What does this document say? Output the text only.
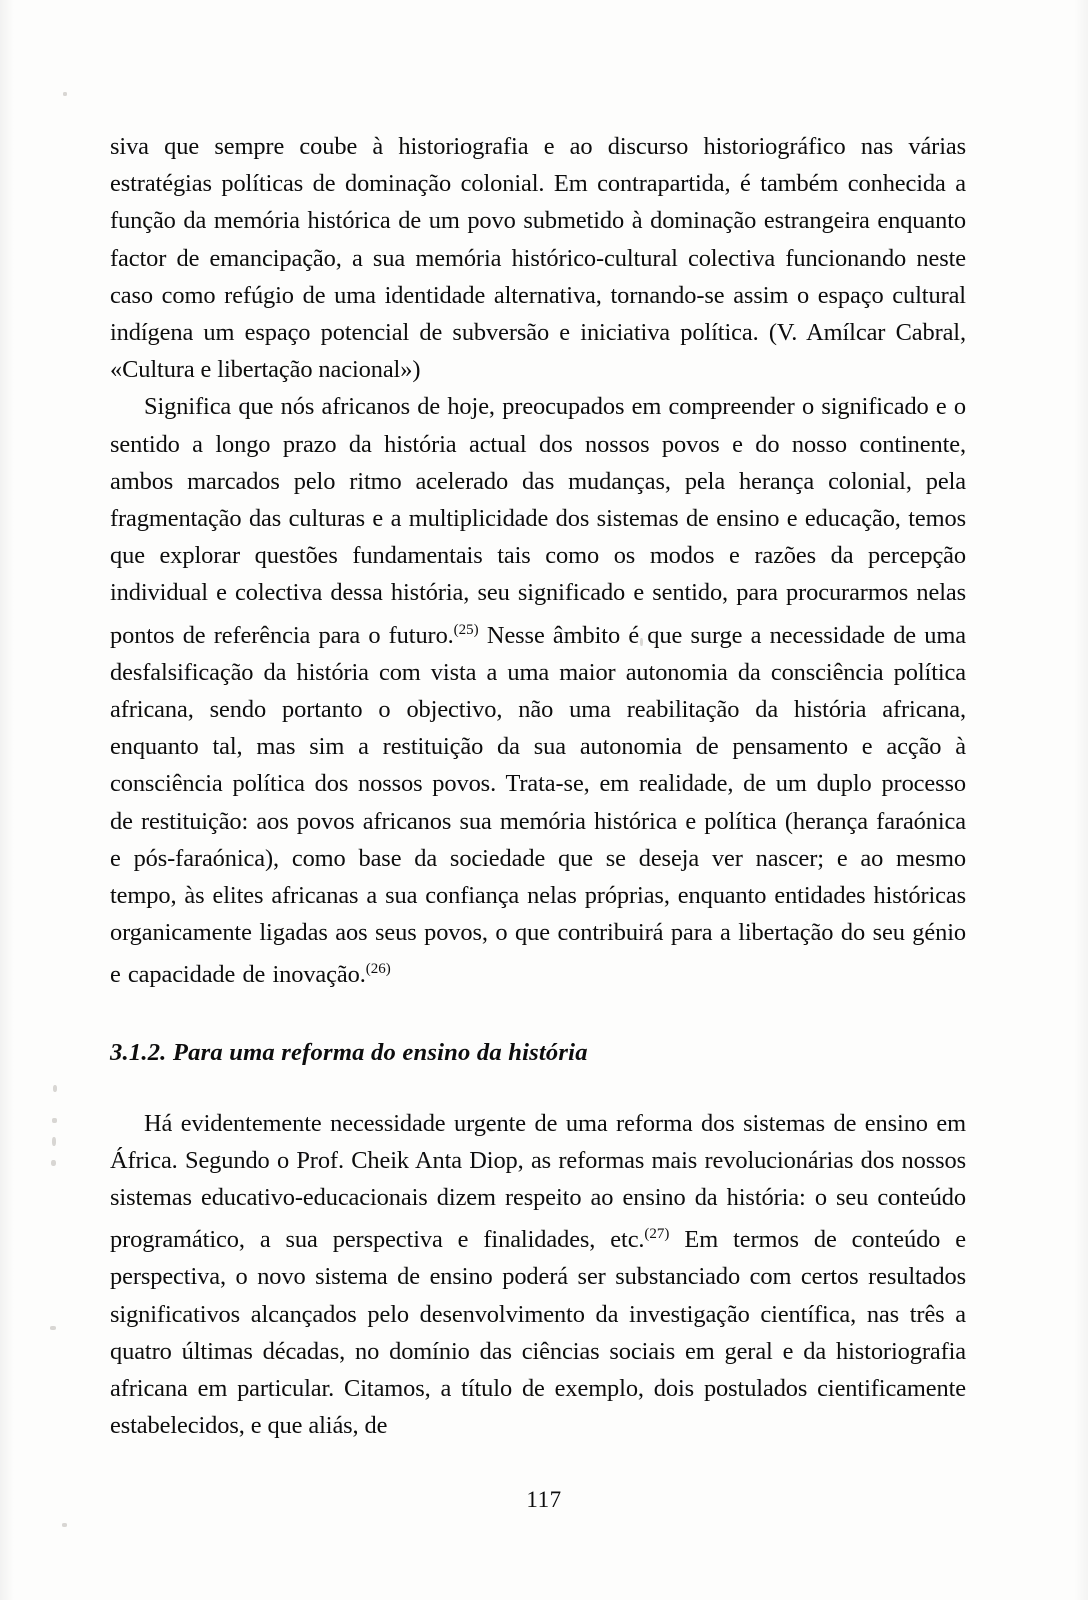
siva que sempre coube à historiografia e ao discurso historiográfico nas várias estratégias políticas de dominação colonial. Em contrapartida, é também conhecida a função da memória histórica de um povo submetido à dominação estrangeira enquanto factor de emancipação, a sua memória histórico-cultural colectiva funcionando neste caso como refúgio de uma identidade alternativa, tornando-se assim o espaço cultural indígena um espaço potencial de subversão e iniciativa política. (V. Amílcar Cabral, «Cultura e libertação nacional»)

Significa que nós africanos de hoje, preocupados em compreender o significado e o sentido a longo prazo da história actual dos nossos povos e do nosso continente, ambos marcados pelo ritmo acelerado das mudanças, pela herança colonial, pela fragmentação das culturas e a multiplicidade dos sistemas de ensino e educação, temos que explorar questões fundamentais tais como os modos e razões da percepção individual e colectiva dessa história, seu significado e sentido, para procurarmos nelas pontos de referência para o futuro.$^{(25)}$ Nesse âmbito é que surge a necessidade de uma desfalsificação da história com vista a uma maior autonomia da consciência política africana, sendo portanto o objectivo, não uma reabilitação da história africana, enquanto tal, mas sim a restituição da sua autonomia de pensamento e acção à consciência política dos nossos povos. Trata-se, em realidade, de um duplo processo de restituição: aos povos africanos sua memória histórica e política (herança faraónica e pós-faraónica), como base da sociedade que se deseja ver nascer; e ao mesmo tempo, às elites africanas a sua confiança nelas próprias, enquanto entidades históricas organicamente ligadas aos seus povos, o que contribuirá para a libertação do seu génio e capacidade de inovação.$^{(26)}$

3.1.2. Para uma reforma do ensino da história

Há evidentemente necessidade urgente de uma reforma dos sistemas de ensino em África. Segundo o Prof. Cheik Anta Diop, as reformas mais revolucionárias dos nossos sistemas educativo-educacionais dizem respeito ao ensino da história: o seu conteúdo programático, a sua perspectiva e finalidades, etc.$^{(27)}$ Em termos de conteúdo e perspectiva, o novo sistema de ensino poderá ser substanciado com certos resultados significativos alcançados pelo desenvolvimento da investigação científica, nas três a quatro últimas décadas, no domínio das ciências sociais em geral e da historiografia africana em particular. Citamos, a título de exemplo, dois postulados cientificamente estabelecidos, e que aliás, de

117
